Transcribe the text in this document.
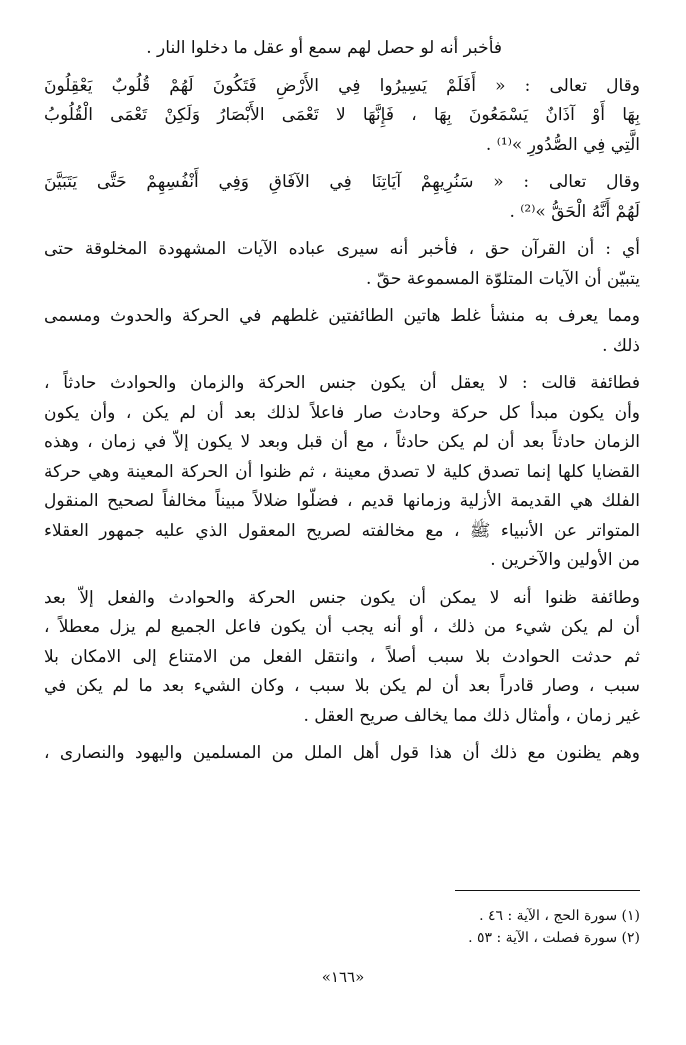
فأخبر أنه لو حصل لهم سمع أو عقل ما دخلوا النار .
وقال تعالى : « أَفَلَمْ يَسِيرُوا فِي الأَرْضِ فَتَكُونَ لَهُمْ قُلُوبٌ يَعْقِلُونَ
بِهَا أَوْ آذَانٌ يَسْمَعُونَ بِهَا ، فَإِنَّهَا لا تَعْمَى الأَبْصَارُ وَلَكِنْ تَعْمَى الْقُلُوبُ
الَّتِي فِي الصُّدُورِ »⁽¹⁾ .
وقال تعالى : « سَنُرِيهِمْ آيَاتِنَا فِي الآفَاقِ وَفِي أَنْفُسِهِمْ حَتَّى يَتَبَيَّنَ
لَهُمْ أَنَّهُ الْحَقُّ »⁽²⁾ .
أي : أن القرآن حق ، فأخبر أنه سيرى عباده الآيات المشهودة المخلوقة حتى
يتبيّن أن الآيات المتلوّة المسموعة حقّ .
ومما يعرف به منشأ غلط هاتين الطائفتين غلطهم في الحركة والحدوث ومسمى
ذلك .
فطائفة قالت : لا يعقل أن يكون جنس الحركة والزمان والحوادث حادثاً ،
وأن يكون مبدأ كل حركة وحادث صار فاعلاً لذلك بعد أن لم يكن ، وأن يكون
الزمان حادثاً بعد أن لم يكن حادثاً ، مع أن قبل وبعد لا يكون إلاّ في زمان ، وهذه
القضايا كلها إنما تصدق كلية لا تصدق معينة ، ثم ظنوا أن الحركة المعينة وهي حركة
الفلك هي القديمة الأزلية وزمانها قديم ، فضلّوا ضلالاً مبيناً مخالفاً لصحيح المنقول
المتواتر عن الأنبياء ﷺ ، مع مخالفته لصريح المعقول الذي عليه جمهور العقلاء
من الأولين والآخرين .
وطائفة ظنوا أنه لا يمكن أن يكون جنس الحركة والحوادث والفعل إلاّ بعد
أن لم يكن شيء من ذلك ، أو أنه يجب أن يكون فاعل الجميع لم يزل معطلاً ،
ثم حدثت الحوادث بلا سبب أصلاً ، وانتقل الفعل من الامتناع إلى الامكان بلا
سبب ، وصار قادراً بعد أن لم يكن بلا سبب ، وكان الشيء بعد ما لم يكن في
غير زمان ، وأمثال ذلك مما يخالف صريح العقل .
وهم يظنون مع ذلك أن هذا قول أهل الملل من المسلمين واليهود والنصارى ،

(١) سورة الحج ، الآية : ٤٦ .

(٢) سورة فصلت ، الآية : ٥٣ .

«١٦٦»
